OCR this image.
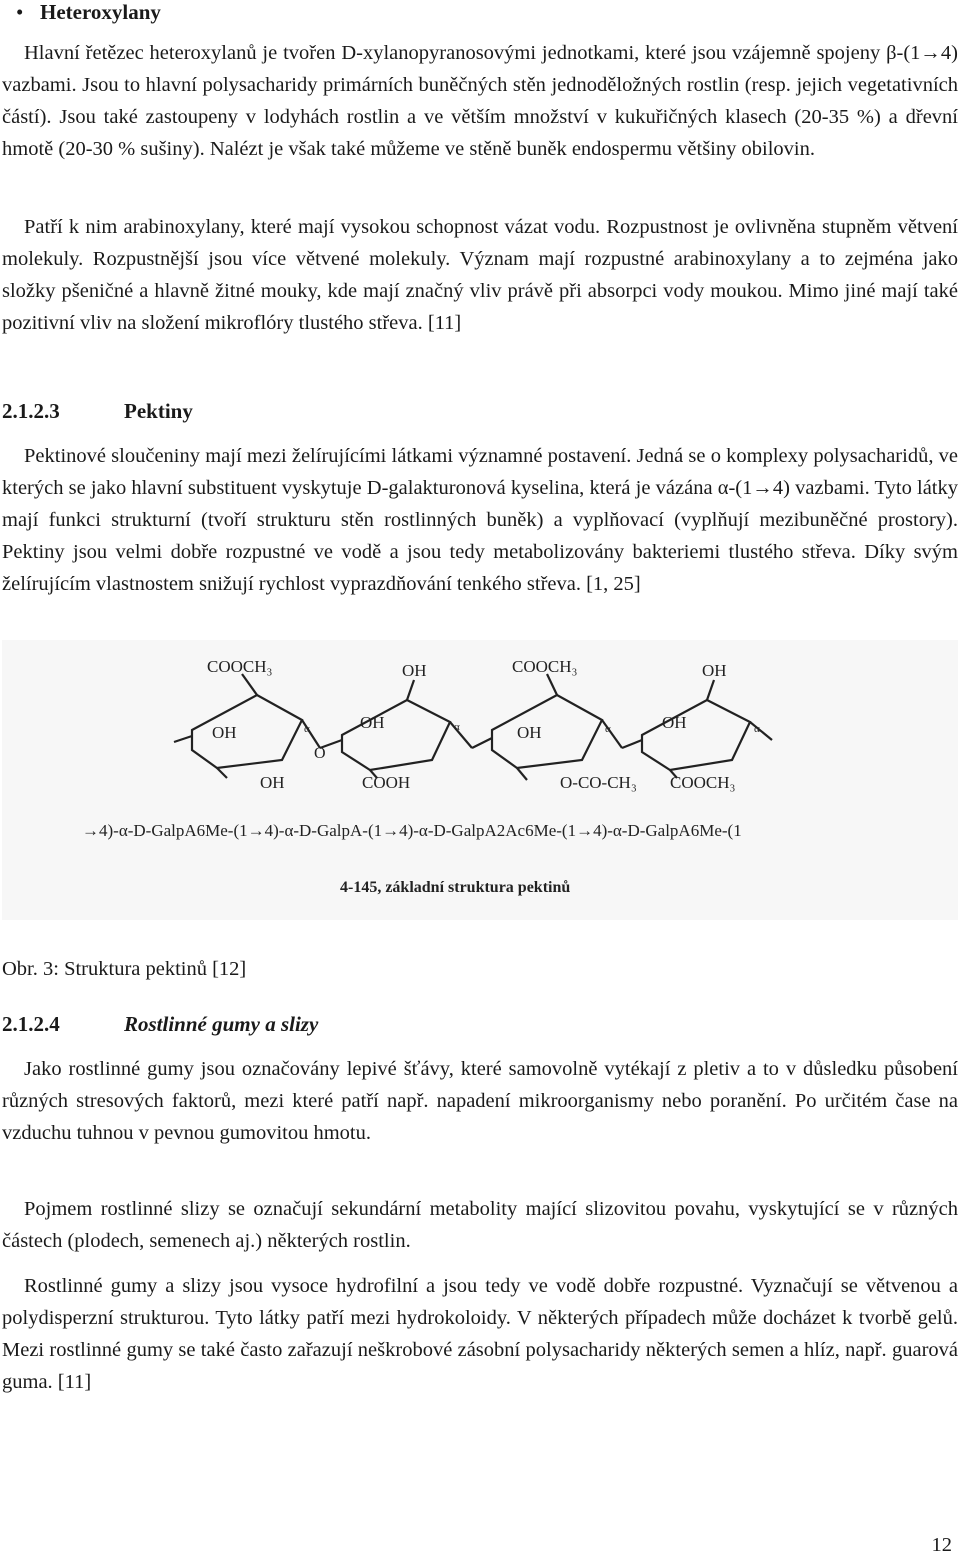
• Heteroxylany

Hlavní řetězec heteroxylanů je tvořen D-xylanopyranosovými jednotkami, které jsou vzájemně spojeny β-(1→4) vazbami. Jsou to hlavní polysacharidy primárních buněčných stěn jednoděložných rostlin (resp. jejich vegetativních částí). Jsou také zastoupeny v lodyhách rostlin a ve větším množství v kukuřičných klasech (20-35 %) a dřevní hmotě (20-30 % sušiny). Nalézt je však také můžeme ve stěně buněk endospermu většiny obilovin.

Patří k nim arabinoxylany, které mají vysokou schopnost vázat vodu. Rozpustnost je ovlivněna stupněm větvení molekuly. Rozpustnější jsou více větvené molekuly. Význam mají rozpustné arabinoxylany a to zejména jako složky pšeničné a hlavně žitné mouky, kde mají značný vliv právě při absorpci vody moukou. Mimo jiné mají také pozitivní vliv na složení mikroflóry tlustého střeva. [11]

2.1.2.3	Pektiny

Pektinové sloučeniny mají mezi želírujícími látkami významné postavení. Jedná se o komplexy polysacharidů, ve kterých se jako hlavní substituent vyskytuje D-galakturonová kyselina, která je vázána α-(1→4) vazbami. Tyto látky mají funkci strukturní (tvoří strukturu stěn rostlinných buněk) a vyplňovací (vyplňují mezibuněčné prostory). Pektiny jsou velmi dobře rozpustné ve vodě a jsou tedy metabolizovány bakteriemi tlustého střeva. Díky svým želírujícím vlastnostem snižují rychlost vyprazdňování tenkého střeva. [1, 25]

COOCH₃	OH	COOCH₃	OH
OH	COOH	O-CO-CH₃ COOCH₃
OH
OH
OH
OH
O
α	α	α	α
→4)-α-D-GalpA6Me-(1→4)-α-D-GalpA-(1→4)-α-D-GalpA2Ac6Me-(1→4)-α-D-GalpA6Me-(1
4-145, základní struktura pektinů
Obr. 3: Struktura pektinů [12]
2.1.2.4	Rostlinné gumy a slizy

Jako rostlinné gumy jsou označovány lepivé šťávy, které samovolně vytékají z pletiv a to v důsledku působení různých stresových faktorů, mezi které patří např. napadení mikroorganismy nebo poranění. Po určitém čase na vzduchu tuhnou v pevnou gumovitou hmotu.

Pojmem rostlinné slizy se označují sekundární metabolity mající slizovitou povahu, vyskytující se v různých částech (plodech, semenech aj.) některých rostlin.

Rostlinné gumy a slizy jsou vysoce hydrofilní a jsou tedy ve vodě dobře rozpustné. Vyznačují se větvenou a polydisperzní strukturou. Tyto látky patří mezi hydrokoloidy. V některých případech může docházet k tvorbě gelů. Mezi rostlinné gumy se také často zařazují neškrobové zásobní polysacharidy některých semen a hlíz, např. guarová guma. [11]

12
